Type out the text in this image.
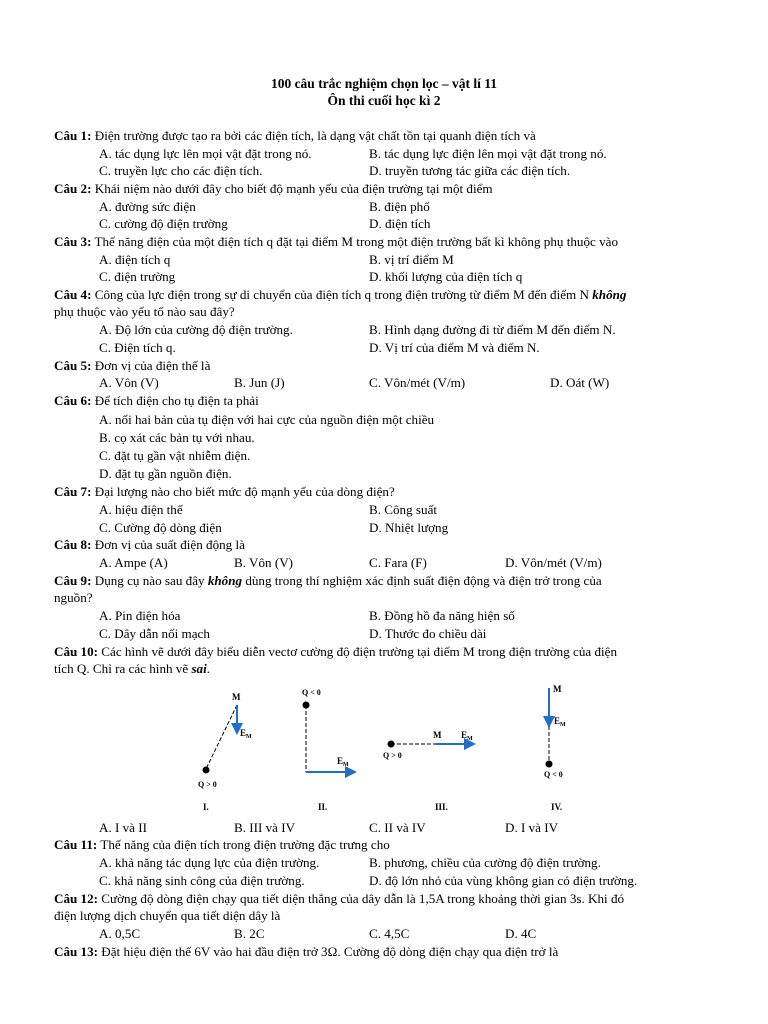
100 câu trắc nghiệm chọn lọc – vật lí 11
Ôn thi cuối học kì 2
Câu 1: Điện trường được tạo ra bởi các điện tích, là dạng vật chất tồn tại quanh điện tích và
A. tác dụng lực lên mọi vật đặt trong nó.	B. tác dụng lực điện lên mọi vật đặt trong nó.
C. truyền lực cho các điện tích.	D. truyền tương tác giữa các điện tích.
Câu 2: Khái niệm nào dưới đây cho biết độ mạnh yếu của điện trường tại một điểm
A. đường sức điện	B. điện phổ
C. cường độ điện trường	D. điện tích
Câu 3: Thế năng điện của một điện tích q đặt tại điểm M trong một điện trường bất kì không phụ thuộc vào
A. điện tích q	B. vị trí điểm M
C. điện trường	D. khối lượng của điện tích q
Câu 4: Công của lực điện trong sự di chuyển của điện tích q trong điện trường từ điểm M đến điểm N không
phụ thuộc vào yếu tố nào sau đây?
A. Độ lớn của cường độ điện trường.	B. Hình dạng đường đi từ điểm M đến điểm N.
C. Điện tích q.	D. Vị trí của điểm M và điểm N.
Câu 5: Đơn vị của điện thế là
A. Vôn (V)	B. Jun (J)	C. Vôn/mét (V/m)	D. Oát (W)
Câu 6: Để tích điện cho tụ điện ta phải
A. nối hai bản của tụ điện với hai cực của nguồn điện một chiều
B. cọ xát các bản tụ với nhau.
C. đặt tụ gần vật nhiễm điện.
D. đặt tụ gần nguồn điện.
Câu 7: Đại lượng nào cho biết mức độ mạnh yếu của dòng điện?
A. hiệu điện thế	B. Công suất
C. Cường độ dòng điện	D. Nhiệt lượng
Câu 8: Đơn vị của suất điện động là
A. Ampe (A)	B. Vôn (V)	C. Fara (F)	D. Vôn/mét (V/m)
Câu 9: Dụng cụ nào sau đây không dùng trong thí nghiệm xác định suất điện động và điện trở trong của
nguồn?
A. Pin điện hóa	B. Đồng hồ đa năng hiện số
C. Dây dẫn nối mạch	D. Thước đo chiều dài
Câu 10: Các hình vẽ dưới đây biểu diễn vectơ cường độ điện trường tại điểm M trong điện trường của điện
tích Q. Chỉ ra các hình vẽ sai.
M
$E_M$
Q > 0
I.
Q < 0
$E_M$
II.
M $E_M$
Q > 0
III.
M
$E_M$
Q < 0
IV.
A. I và II	B. III và IV	C. II và IV	D. I và IV
Câu 11: Thế năng của điện tích trong điện trường đặc trưng cho
A. khả năng tác dụng lực của điện trường.	B. phương, chiều của cường độ điện trường.
C. khả năng sinh công của điện trường.	D. độ lớn nhỏ của vùng không gian có điện trường.
Câu 12: Cường độ dòng điện chạy qua tiết diện thẳng của dây dẫn là 1,5A trong khoảng thời gian 3s. Khi đó
điện lượng dịch chuyển qua tiết diện dây là
A. 0,5C	B. 2C	C. 4,5C	D. 4C
Câu 13: Đặt hiệu điện thế 6V vào hai đầu điện trở 3Ω. Cường độ dòng điện chạy qua điện trở là
